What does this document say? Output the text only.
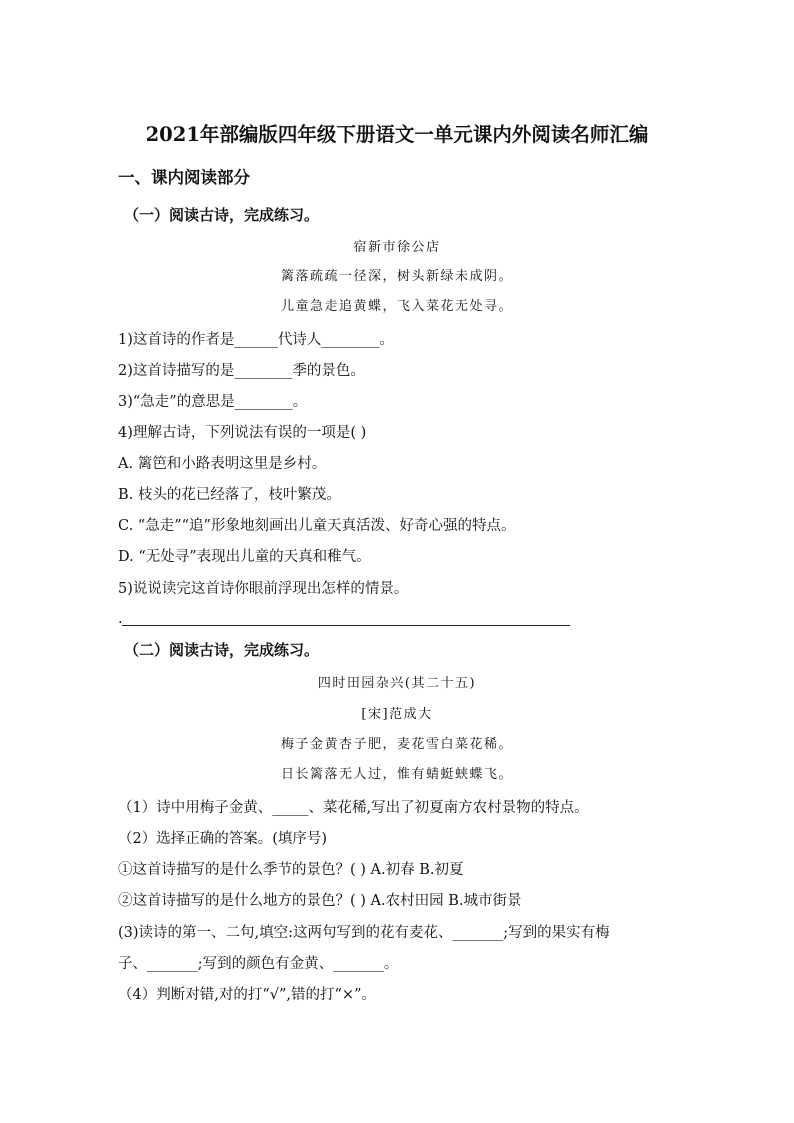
2021年部编版四年级下册语文一单元课内外阅读名师汇编
一、课内阅读部分
（一）阅读古诗，完成练习。
宿新市徐公店
篱落疏疏一径深，树头新绿未成阴。
儿童急走追黄蝶，飞入菜花无处寻。
1)这首诗的作者是______代诗人________。
2)这首诗描写的是________季的景色。
3)“急走”的意思是________。
4)理解古诗，下列说法有误的一项是( )
A. 篱笆和小路表明这里是乡村。
B. 枝头的花已经落了，枝叶繁茂。
C. “急走”“追”形象地刻画出儿童天真活泼、好奇心强的特点。
D. “无处寻”表现出儿童的天真和稚气。
5)说说读完这首诗你眼前浮现出怎样的情景。
.
（二）阅读古诗，完成练习。
四时田园杂兴(其二十五)
[宋]范成大
梅子金黄杏子肥，麦花雪白菜花稀。
日长篱落无人过，惟有蜻蜓蛱蝶飞。
（1）诗中用梅子金黄、_____、菜花稀,写出了初夏南方农村景物的特点。
（2）选择正确的答案。(填序号)
①这首诗描写的是什么季节的景色？( ) A.初春 B.初夏
②这首诗描写的是什么地方的景色？( ) A.农村田园 B.城市街景
(3)读诗的第一、二句,填空:这两句写到的花有麦花、_______;写到的果实有梅
子、_______;写到的颜色有金黄、_______。
（4）判断对错,对的打“√”,错的打“×”。
